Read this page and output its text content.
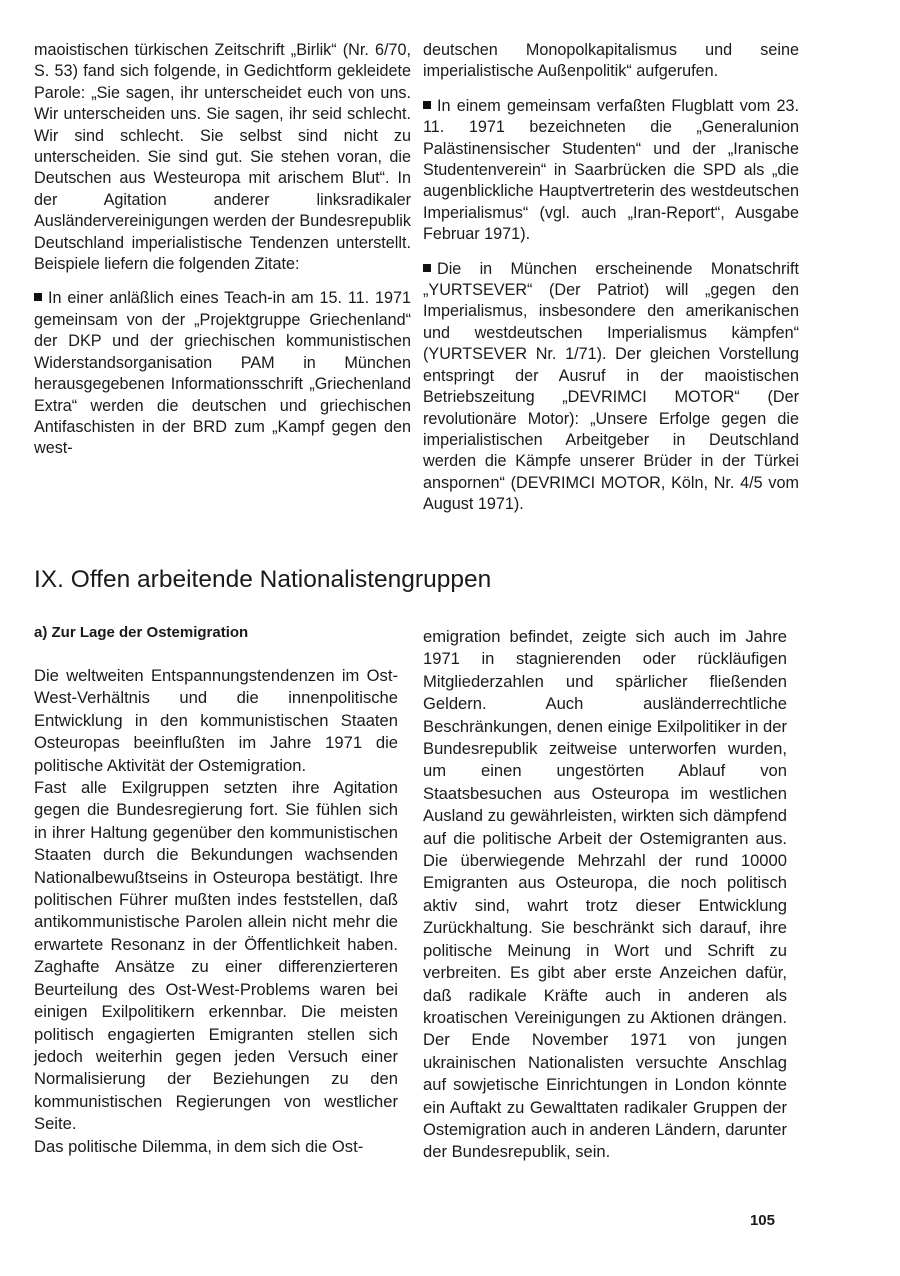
maoistischen türkischen Zeitschrift „Birlik“ (Nr. 6/70, S. 53) fand sich folgende, in Gedichtform gekleidete Parole: „Sie sagen, ihr unterscheidet euch von uns. Wir unterscheiden uns. Sie sagen, ihr seid schlecht. Wir sind schlecht. Sie selbst sind nicht zu unterscheiden. Sie sind gut. Sie stehen voran, die Deutschen aus Westeuropa mit arischem Blut“. In der Agitation anderer linksradikaler Ausländervereinigungen werden der Bundesrepublik Deutschland imperialistische Tendenzen unterstellt. Beispiele liefern die folgenden Zitate:

In einer anläßlich eines Teach-in am 15. 11. 1971 gemeinsam von der „Projektgruppe Griechenland“ der DKP und der griechischen kommunistischen Widerstandsorganisation PAM in München herausgegebenen Informationsschrift „Griechenland Extra“ werden die deutschen und griechischen Antifaschisten in der BRD zum „Kampf gegen den west-

deutschen Monopolkapitalismus und seine imperialistische Außenpolitik“ aufgerufen.

In einem gemeinsam verfaßten Flugblatt vom 23. 11. 1971 bezeichneten die „Generalunion Palästinensischer Studenten“ und der „Iranische Studentenverein“ in Saarbrücken die SPD als „die augenblickliche Hauptvertreterin des westdeutschen Imperialismus“ (vgl. auch „Iran-Report“, Ausgabe Februar 1971).

Die in München erscheinende Monatschrift „YURTSEVER“ (Der Patriot) will „gegen den Imperialismus, insbesondere den amerikanischen und westdeutschen Imperialismus kämpfen“ (YURTSEVER Nr. 1/71). Der gleichen Vorstellung entspringt der Ausruf in der maoistischen Betriebszeitung „DEVRIMCI MOTOR“ (Der revolutionäre Motor): „Unsere Erfolge gegen die imperialistischen Arbeitgeber in Deutschland werden die Kämpfe unserer Brüder in der Türkei anspornen“ (DEVRIMCI MOTOR, Köln, Nr. 4/5 vom August 1971).

IX. Offen arbeitende Nationalistengruppen
a) Zur Lage der Ostemigration

Die weltweiten Entspannungstendenzen im Ost-West-Verhältnis und die innenpolitische Entwicklung in den kommunistischen Staaten Osteuropas beeinflußten im Jahre 1971 die politische Aktivität der Ostemigration.

Fast alle Exilgruppen setzten ihre Agitation gegen die Bundesregierung fort. Sie fühlen sich in ihrer Haltung gegenüber den kommunistischen Staaten durch die Bekundungen wachsenden Nationalbewußtseins in Osteuropa bestätigt. Ihre politischen Führer mußten indes feststellen, daß antikommunistische Parolen allein nicht mehr die erwartete Resonanz in der Öffentlichkeit haben. Zaghafte Ansätze zu einer differenzierteren Beurteilung des Ost-West-Problems waren bei einigen Exilpolitikern erkennbar. Die meisten politisch engagierten Emigranten stellen sich jedoch weiterhin gegen jeden Versuch einer Normalisierung der Beziehungen zu den kommunistischen Regierungen von westlicher Seite.

Das politische Dilemma, in dem sich die Ost-

emigration befindet, zeigte sich auch im Jahre 1971 in stagnierenden oder rückläufigen Mitgliederzahlen und spärlicher fließenden Geldern. Auch ausländerrechtliche Beschränkungen, denen einige Exilpolitiker in der Bundesrepublik zeitweise unterworfen wurden, um einen ungestörten Ablauf von Staatsbesuchen aus Osteuropa im westlichen Ausland zu gewährleisten, wirkten sich dämpfend auf die politische Arbeit der Ostemigranten aus. Die überwiegende Mehrzahl der rund 10000 Emigranten aus Osteuropa, die noch politisch aktiv sind, wahrt trotz dieser Entwicklung Zurückhaltung. Sie beschränkt sich darauf, ihre politische Meinung in Wort und Schrift zu verbreiten. Es gibt aber erste Anzeichen dafür, daß radikale Kräfte auch in anderen als kroatischen Vereinigungen zu Aktionen drängen. Der Ende November 1971 von jungen ukrainischen Nationalisten versuchte Anschlag auf sowjetische Einrichtungen in London könnte ein Auftakt zu Gewalttaten radikaler Gruppen der Ostemigration auch in anderen Ländern, darunter der Bundesrepublik, sein.

105
